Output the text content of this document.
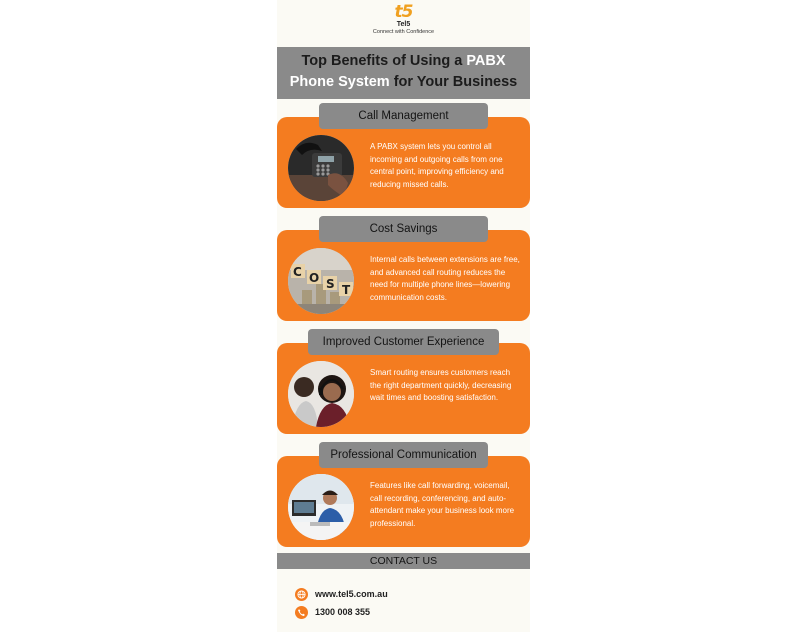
t5
Tel5
Connect with Confidence
Top Benefits of Using a PABX
Phone System for Your Business
A PABX system lets you control all incoming and outgoing calls from one central point, improving efficiency and reducing missed calls.
Call Management
C O S T
Internal calls between extensions are free, and advanced call routing reduces the need for multiple phone lines—lowering communication costs.
Cost Savings
Smart routing ensures customers reach the right department quickly, decreasing wait times and boosting satisfaction.
Improved Customer Experience
Features like call forwarding, voicemail, call recording, conferencing, and auto-attendant make your business look more professional.
Professional Communication
CONTACT US
www.tel5.com.au
1300 008 355
